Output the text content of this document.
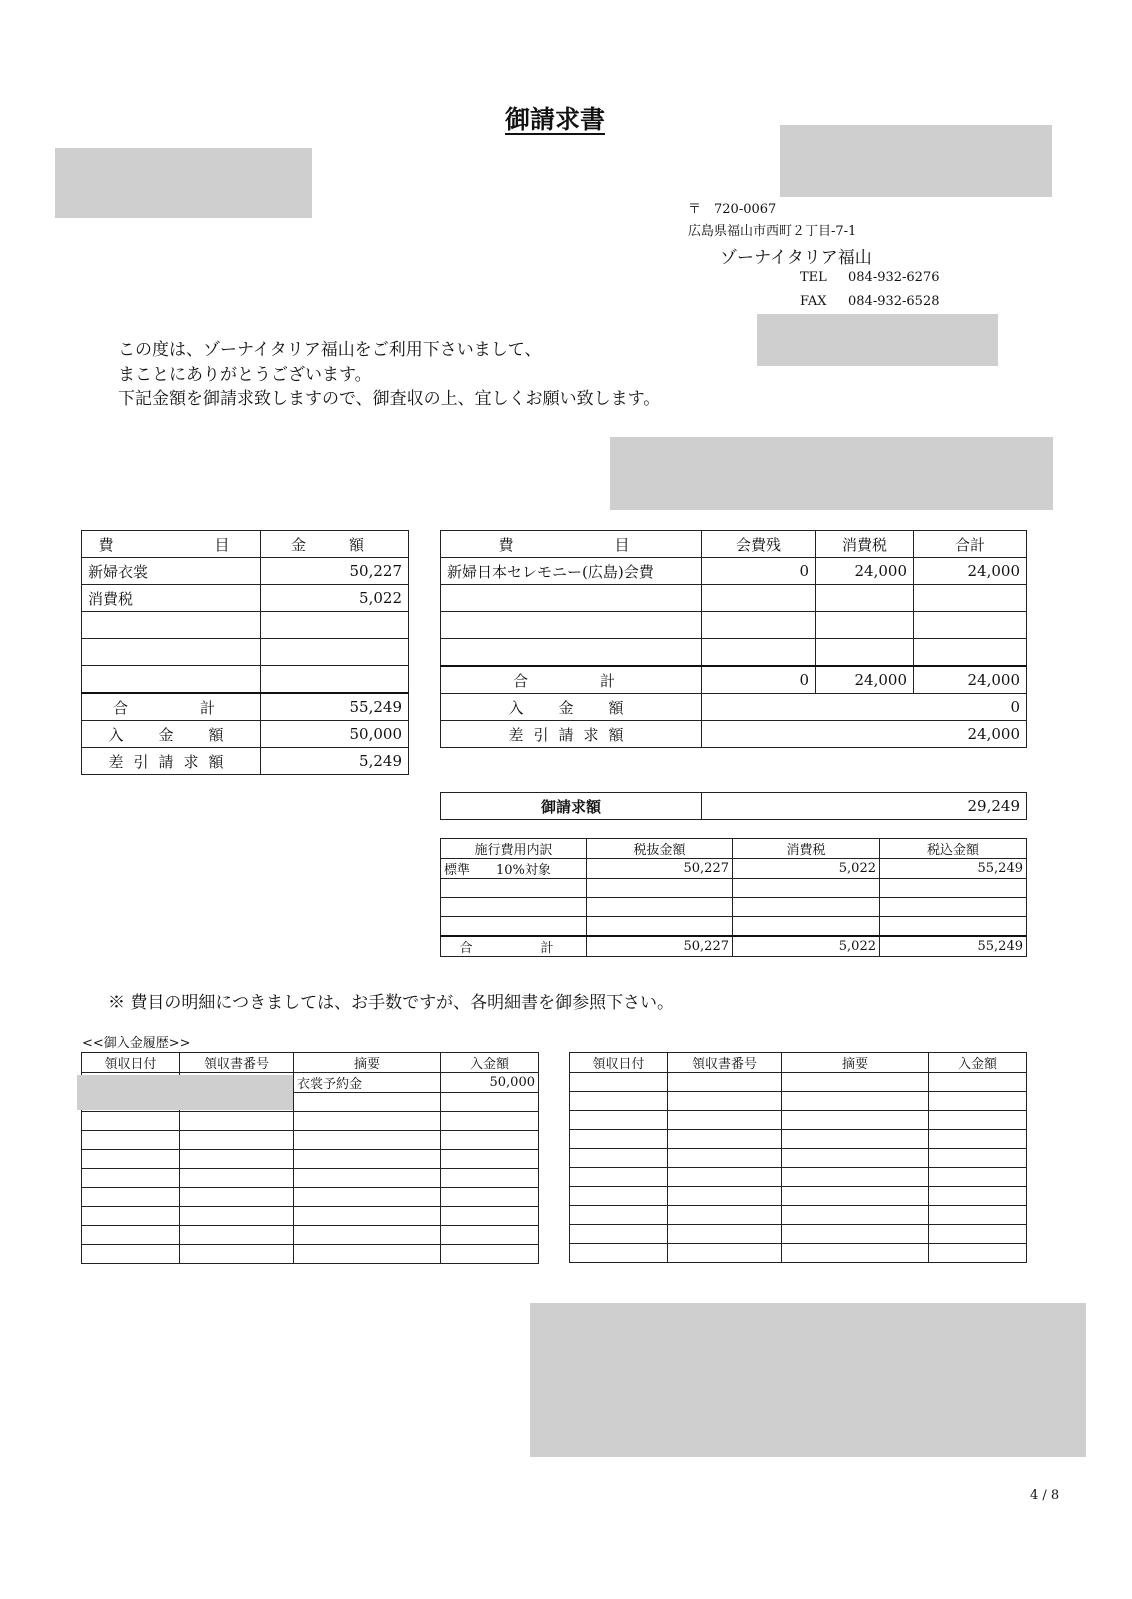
御請求書
〒　720-0067
広島県福山市西町２丁目-7-1
ゾーナイタリア福山
TEL 084-932-6276
FAX 084-932-6528
この度は、ゾーナイタリア福山をご利用下さいまして、
まことにありがとうございます。
下記金額を御請求致しますので、御査収の上、宜しくお願い致します。
費　　　目	金　額
新婦衣裳	50,227
消費税	5,022

合　　計	55,249
入　金　額	50,000
差引請求額	5,249
費　　　目	会費残	消費税	合計
新婦日本セレモニー(広島)会費	0	24,000	24,000

合　　計	0	24,000	24,000
入　金　額	0		
差引請求額	24,000		
御請求額	29,249
施行費用内訳	税抜金額	消費税	税込金額
標準　　10%対象	50,227	5,022	55,249

合　　計	50,227	5,022	55,249
※ 費目の明細につきましては、お手数ですが、各明細書を御参照下さい。
<<御入金履歴>>
領収日付	領収書番号	摘要	入金額
		衣裳予約金	50,000

領収日付	領収書番号	摘要	入金額

4 / 8
